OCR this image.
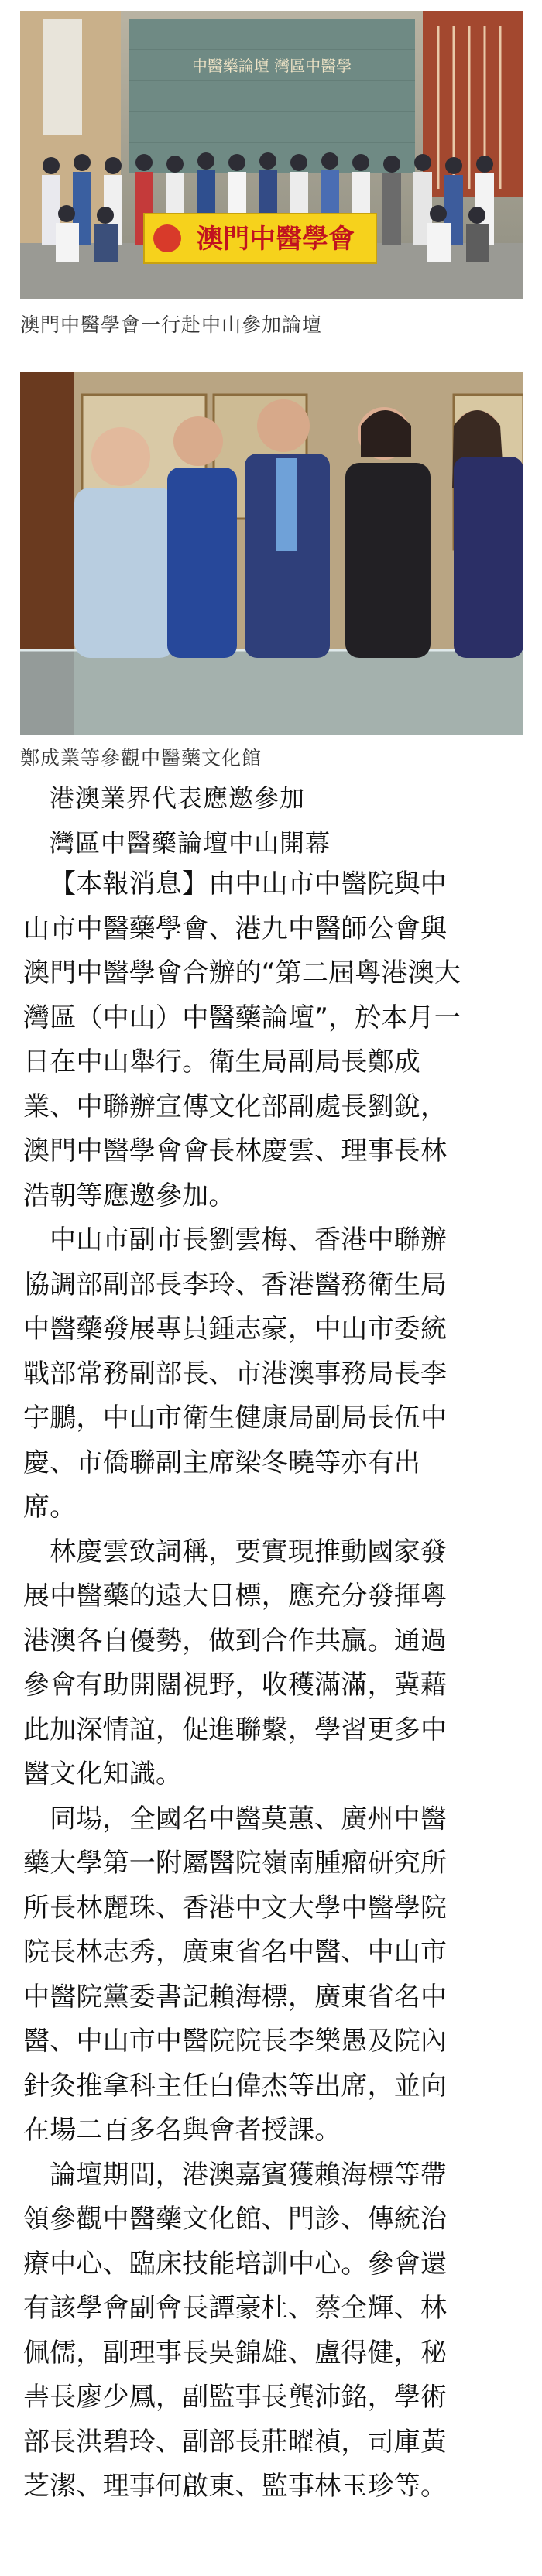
中醫藥論壇 灣區中醫學
澳門中醫學會
澳門中醫學會一行赴中山參加論壇
鄭成業等參觀中醫藥文化館
港澳業界代表應邀參加
灣區中醫藥論壇中山開幕

【本報消息】由中山市中醫院與中
山市中醫藥學會、港九中醫師公會與
澳門中醫學會合辦的“第二屆粵港澳大
灣區（中山）中醫藥論壇”，於本月一
日在中山舉行。衛生局副局長鄭成
業、中聯辦宣傳文化部副處長劉銳，
澳門中醫學會會長林慶雲、理事長林
浩朝等應邀參加。

中山市副市長劉雲梅、香港中聯辦
協調部副部長李玲、香港醫務衛生局
中醫藥發展專員鍾志豪，中山市委統
戰部常務副部長、市港澳事務局長李
宇鵬，中山市衛生健康局副局長伍中
慶、市僑聯副主席梁冬曉等亦有出
席。

林慶雲致詞稱，要實現推動國家發
展中醫藥的遠大目標，應充分發揮粵
港澳各自優勢，做到合作共贏。通過
參會有助開闊視野，收穫滿滿，冀藉
此加深情誼，促進聯繫，學習更多中
醫文化知識。

同場，全國名中醫莫蕙、廣州中醫
藥大學第一附屬醫院嶺南腫瘤研究所
所長林麗珠、香港中文大學中醫學院
院長林志秀，廣東省名中醫、中山市
中醫院黨委書記賴海標，廣東省名中
醫、中山市中醫院院長李樂愚及院內
針灸推拿科主任白偉杰等出席，並向
在場二百多名與會者授課。

論壇期間，港澳嘉賓獲賴海標等帶
領參觀中醫藥文化館、門診、傳統治
療中心、臨床技能培訓中心。參會還
有該學會副會長譚豪杜、蔡全輝、林
佩儒，副理事長吳錦雄、盧得健，秘
書長廖少鳳，副監事長龔沛銘，學術
部長洪碧玲、副部長莊曜禎，司庫黃
芝潔、理事何啟東、監事林玉珍等。
